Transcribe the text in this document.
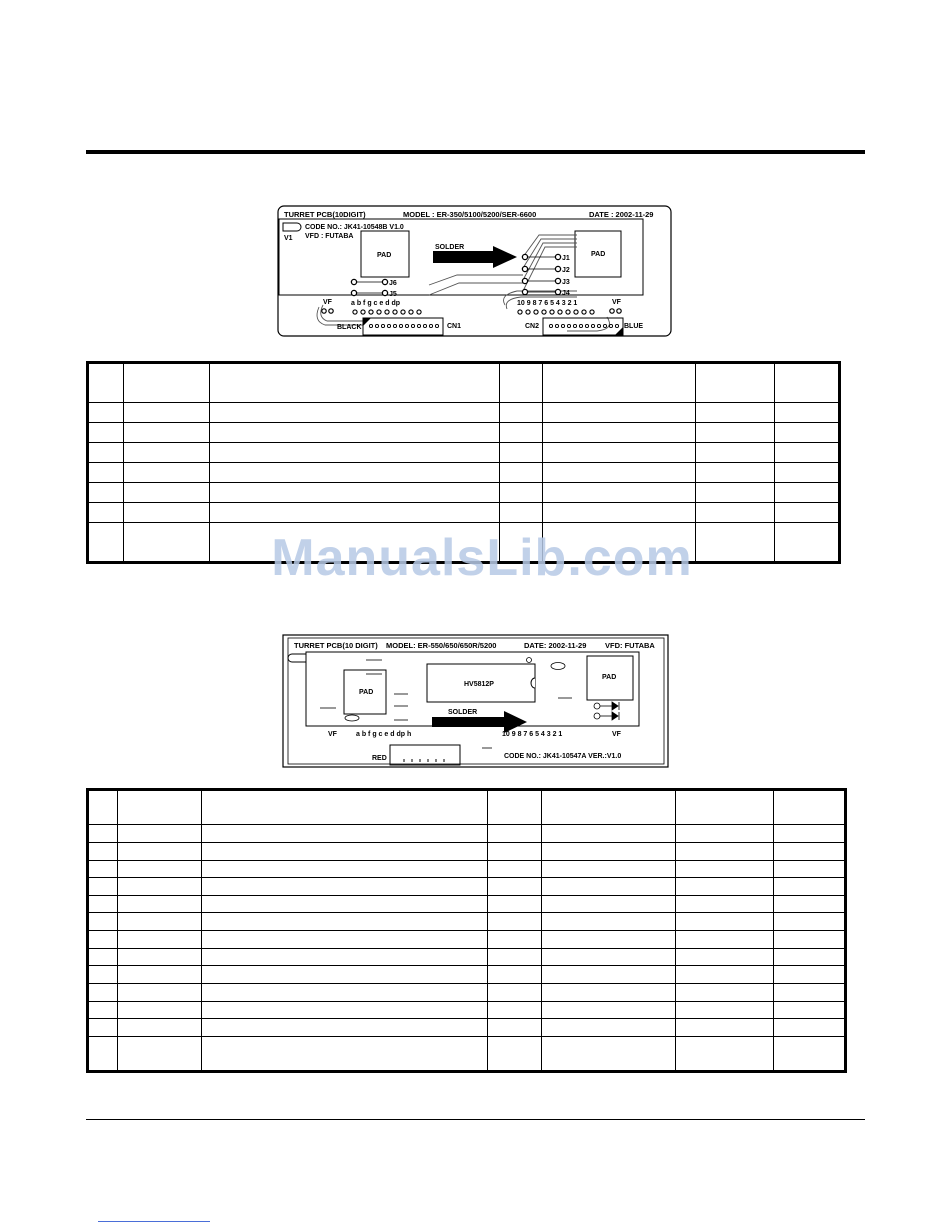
TURRET PCB(10DIGIT)	MODEL : ER-350/5100/5200/SER-6600	DATE : 2002-11-29
CODE NO.: JK41-10548B V1.0
V1 VFD : FUTABA
PAD	PAD
SOLDER
J1
J2
J3
J4
J6
J5
VF	VF
a b f g c e d dp	10 9 8 7 6 5 4 3 2 1
BLACK	CN1	CN2	BLUE

ManualsLib.com
TURRET PCB(10 DIGIT) MODEL: ER-550/650/650R/5200	DATE: 2002-11-29 VFD: FUTABA
PAD
HV5812P
PAD
SOLDER
VF	a b f g c e d dp h	10 9 8 7 6 5 4 3 2 1	VF
RED	CODE NO.: JK41-10547A VER.:V1.0
